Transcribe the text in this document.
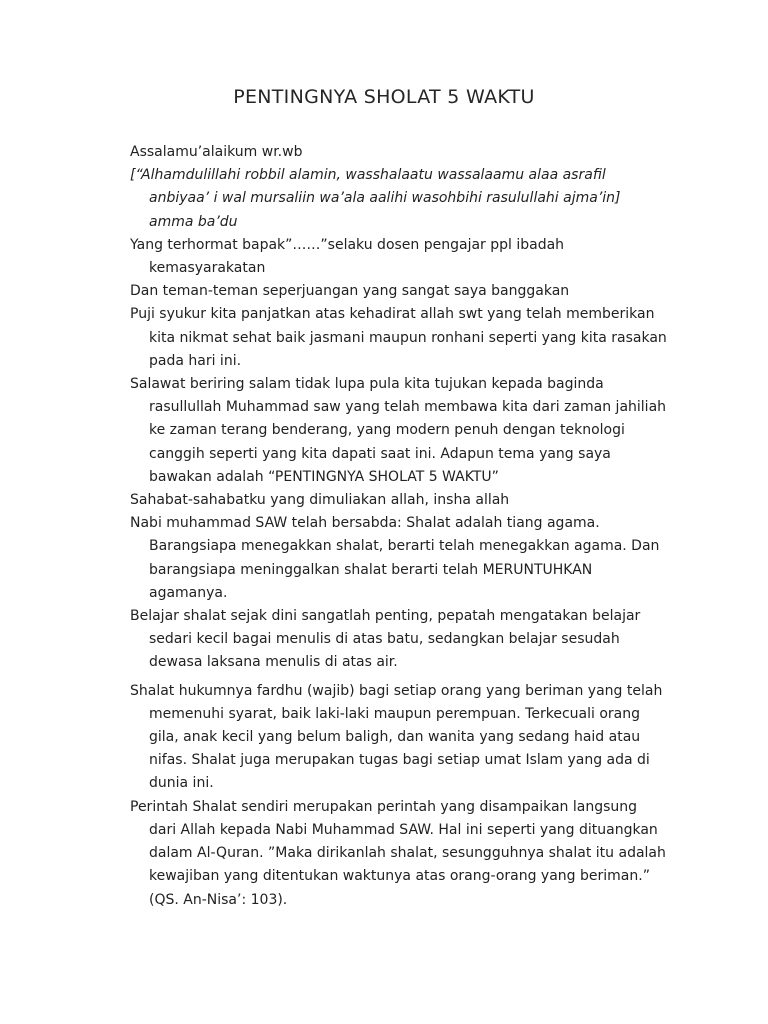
PENTINGNYA SHOLAT 5 WAKTU

Assalamu’alaikum wr.wb

[“Alhamdulillahi robbil alamin, wasshalaatu wassalaamu alaa asrafil
anbiyaa’ i wal mursaliin wa’ala aalihi wasohbihi rasulullahi ajma’in]
amma ba’du

Yang terhormat bapak”……”selaku dosen pengajar ppl ibadah
kemasyarakatan

Dan teman-teman seperjuangan yang sangat saya banggakan

Puji syukur kita panjatkan atas kehadirat allah swt yang telah memberikan
kita nikmat sehat baik jasmani maupun ronhani seperti yang kita rasakan
pada hari ini.

Salawat beriring salam tidak lupa pula kita tujukan kepada baginda
rasullullah Muhammad saw yang telah membawa kita dari zaman jahiliah
ke zaman terang benderang, yang modern penuh dengan teknologi
canggih seperti yang kita dapati saat ini. Adapun tema yang saya
bawakan adalah “PENTINGNYA SHOLAT 5 WAKTU”

Sahabat-sahabatku yang dimuliakan allah, insha allah

Nabi muhammad SAW telah bersabda: Shalat adalah tiang agama.
Barangsiapa menegakkan shalat, berarti telah menegakkan agama. Dan
barangsiapa meninggalkan shalat berarti telah MERUNTUHKAN
agamanya.

Belajar shalat sejak dini sangatlah penting, pepatah mengatakan belajar
sedari kecil bagai menulis di atas batu, sedangkan belajar sesudah
dewasa laksana menulis di atas air.

Shalat hukumnya fardhu (wajib) bagi setiap orang yang beriman yang telah
memenuhi syarat, baik laki-laki maupun perempuan. Terkecuali orang
gila, anak kecil yang belum baligh, dan wanita yang sedang haid atau
nifas. Shalat juga merupakan tugas bagi setiap umat Islam yang ada di
dunia ini.

Perintah Shalat sendiri merupakan perintah yang disampaikan langsung
dari Allah kepada Nabi Muhammad SAW. Hal ini seperti yang dituangkan
dalam Al-Quran. ”Maka dirikanlah shalat, sesungguhnya shalat itu adalah
kewajiban yang ditentukan waktunya atas orang-orang yang beriman.”
(QS. An-Nisa’: 103).
